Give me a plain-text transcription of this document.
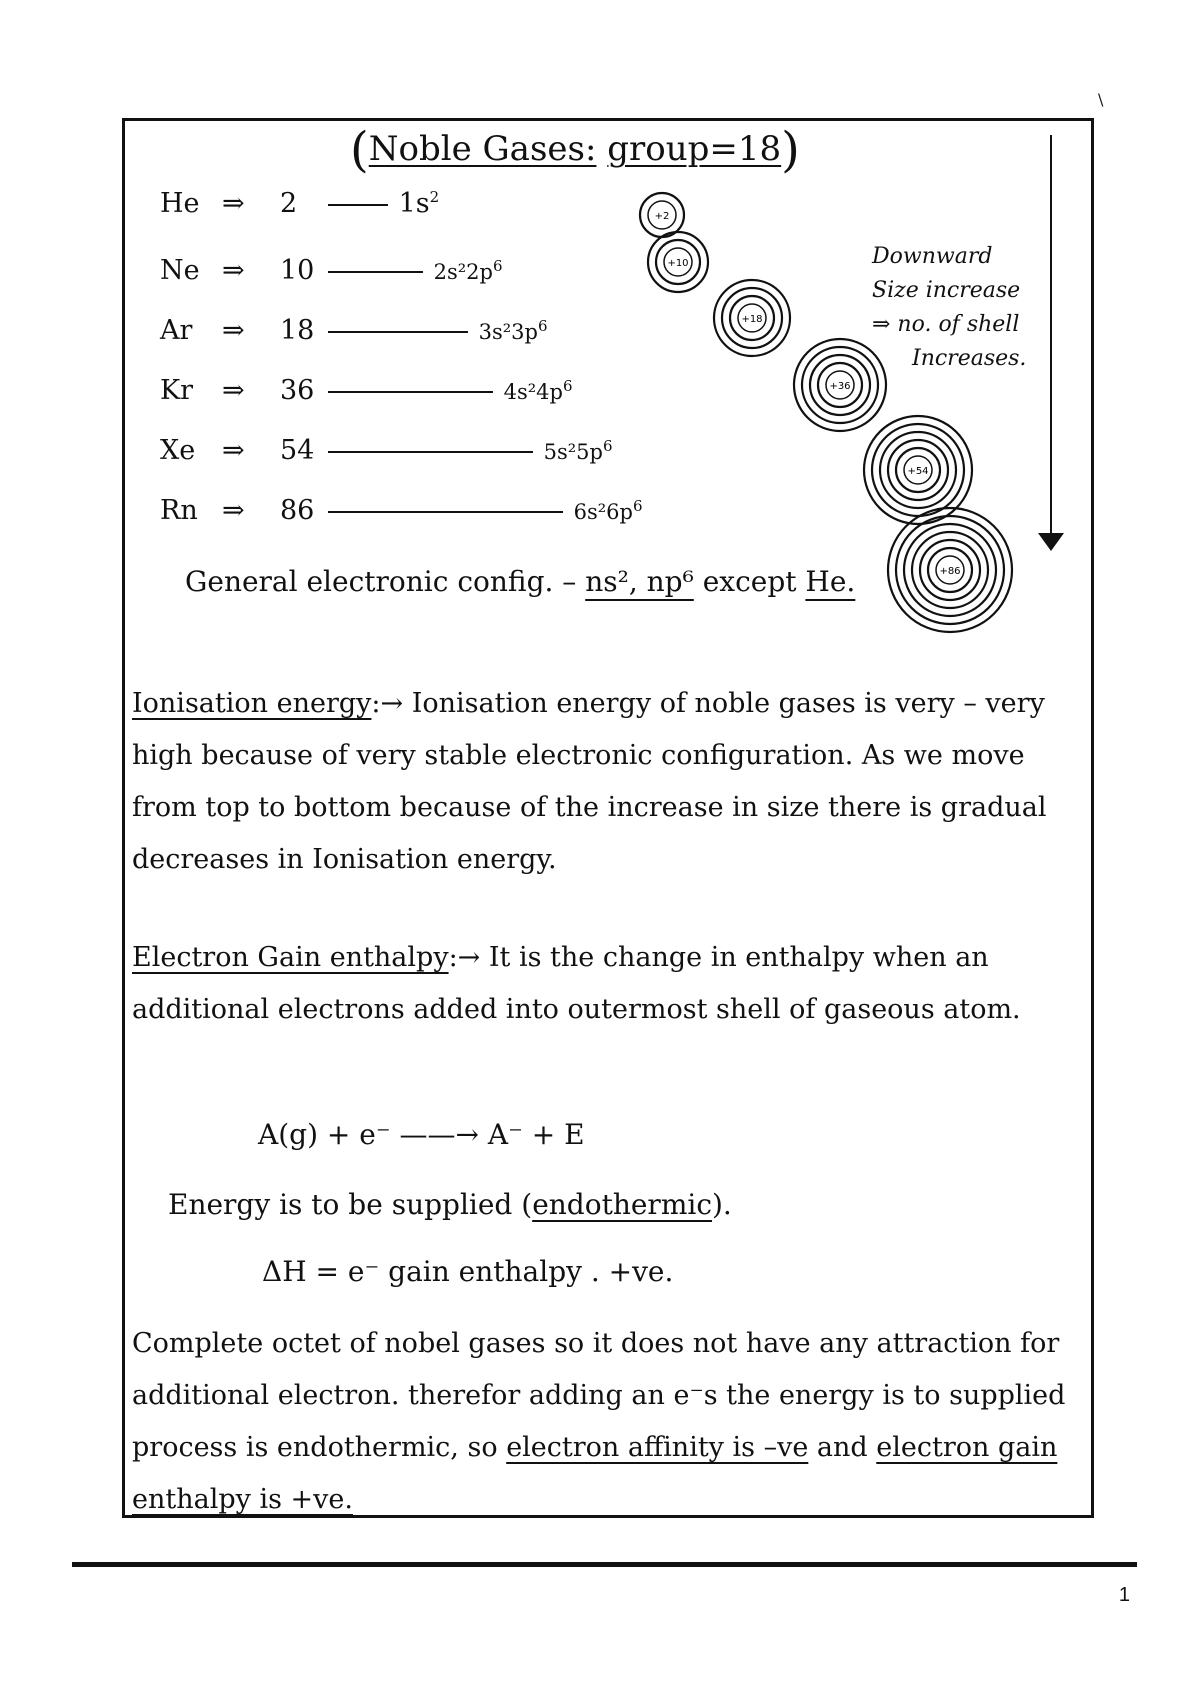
\
(Noble Gases: group=18)
He ⇒ 2	$1s^2$
Ne ⇒ 10	$2s^22p^6$
Ar ⇒ 18	$3s^23p^6$
Kr ⇒ 36	$4s^24p^6$
Xe ⇒ 54	$5s^25p^6$
Rn ⇒ 86	$6s^26p^6$
+2
+10
+18
+36
+54
+86
Downward
Size increase
⇒ no. of shell
Increases.
General electronic config. – ns², np⁶ except He.
Ionisation energy:→ Ionisation energy of noble gases is very – very high because of very stable electronic configuration. As we move from top to bottom because of the increase in size there is gradual decreases in Ionisation energy.
Electron Gain enthalpy:→ It is the change in enthalpy when an additional electrons added into outermost shell of gaseous atom.
A(g) + e⁻ ——→ A⁻ + E
Energy is to be supplied (endothermic).
ΔH = e⁻ gain enthalpy . +ve.
Complete octet of nobel gases so it does not have any attraction for additional electron. therefor adding an e⁻s the energy is to supplied process is endothermic, so electron affinity is –ve and electron gain enthalpy is +ve.
1
